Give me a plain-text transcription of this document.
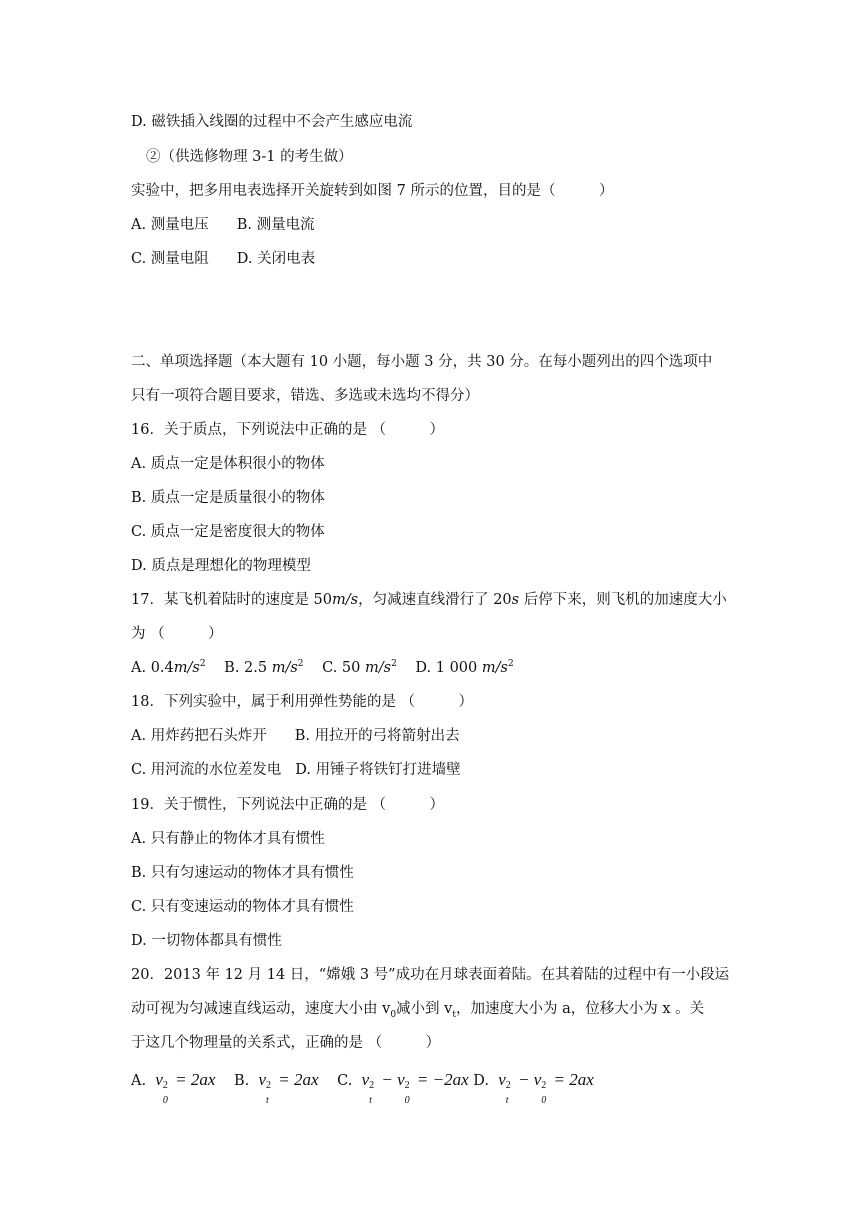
D. 磁铁插入线圈的过程中不会产生感应电流

②（供选修物理 3-1 的考生做）

实验中，把多用电表选择开关旋转到如图 7 所示的位置，目的是（　　　）

A. 测量电压 B. 测量电流

C. 测量电阻 D. 关闭电表

二、单项选择题（本大题有 10 小题，每小题 3 分，共 30 分。在每小题列出的四个选项中

只有一项符合题目要求，错选、多选或未选均不得分）

16．关于质点，下列说法中正确的是 （　　　）

A. 质点一定是体积很小的物体

B. 质点一定是质量很小的物体

C. 质点一定是密度很大的物体

D. 质点是理想化的物理模型

17．某飞机着陆时的速度是 50m/s，匀减速直线滑行了 20s 后停下来，则飞机的加速度大小

为 （　　　）

A. $0.4m/s^2$ B. 2.5 $m/s^2$ C. 50 $m/s^2$ D. 1 000 $m/s^2$

18．下列实验中，属于利用弹性势能的是 （　　　）

A. 用炸药把石头炸开 B. 用拉开的弓将箭射出去

C. 用河流的水位差发电 D. 用锤子将铁钉打进墙壁

19．关于惯性，下列说法中正确的是 （　　　）

A. 只有静止的物体才具有惯性

B. 只有匀速运动的物体才具有惯性

C. 只有变速运动的物体才具有惯性

D. 一切物体都具有惯性

20．2013 年 12 月 14 日，“嫦娥 3 号”成功在月球表面着陆。在其着陆的过程中有一小段运

动可视为匀减速直线运动，速度大小由 $v_0$减小到 $v_t$，加速度大小为 a，位移大小为 x 。关

于这几个物理量的关系式，正确的是 （　　　）

A. v 2
0
= 2ax B. v 2
t
= 2ax C. v 2
t
− v 2
0
= −2ax D. v 2
t
− v 2
0
= 2ax
